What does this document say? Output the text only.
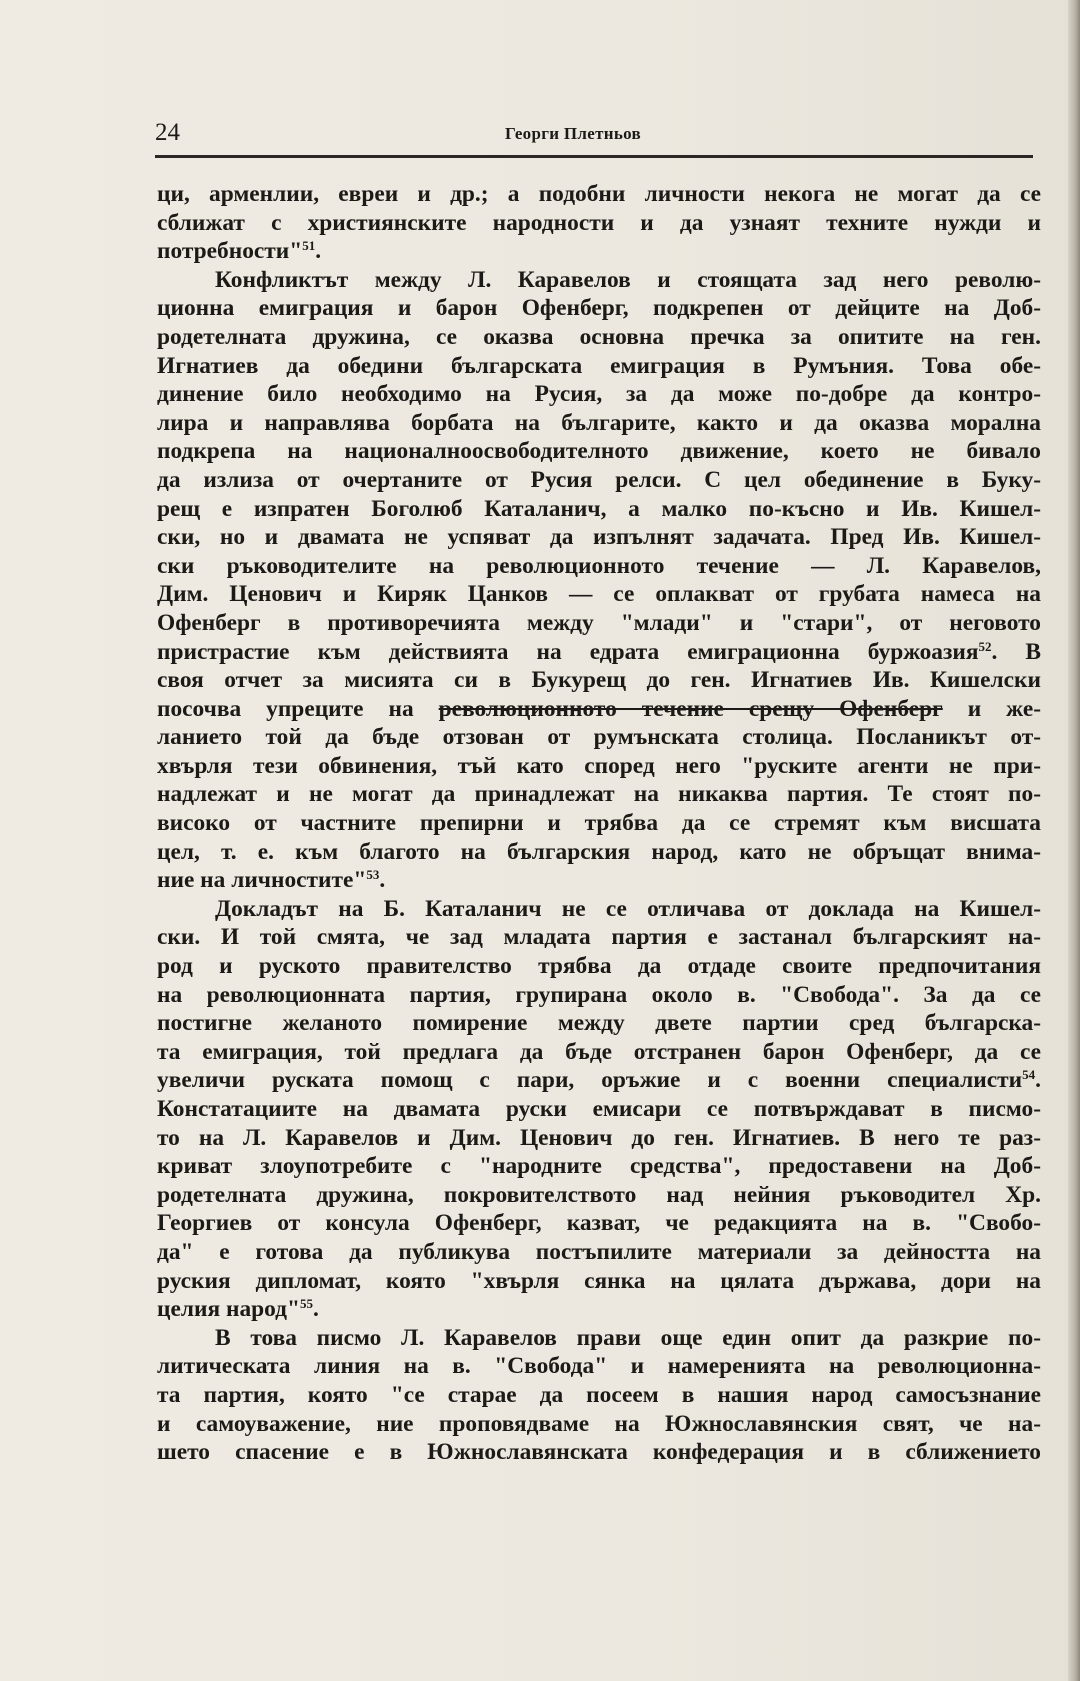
24	Георги Плетньов
ци, арменлии, евреи и др.; а подобни личности некога не могат да се
сближат с християнските народности и да узнаят техните нужди и
потребности"$^{51}$.
Конфликтът между Л. Каравелов и стоящата зад него револю-
ционна емиграция и барон Офенберг, подкрепен от дейците на Доб-
родетелната дружина, се оказва основна пречка за опитите на ген.
Игнатиев да обедини българската емиграция в Румъния. Това обе-
динение било необходимо на Русия, за да може по-добре да контро-
лира и направлява борбата на българите, както и да оказва морална
подкрепа на националноосвободителното движение, което не бивало
да излиза от очертаните от Русия релси. С цел обединение в Буку-
рещ е изпратен Боголюб Каталанич, а малко по-късно и Ив. Кишел-
ски, но и двамата не успяват да изпълнят задачата. Пред Ив. Кишел-
ски ръководителите на революционното течение — Л. Каравелов,
Дим. Ценович и Киряк Цанков — се оплакват от грубата намеса на
Офенберг в противоречията между "млади" и "стари", от неговото
пристрастие към действията на едрата емиграционна буржоазия$^{52}$. В
своя отчет за мисията си в Букурещ до ген. Игнатиев Ив. Кишелски
посочва упреците на революционното течение срещу Офенберг и же-
ланието той да бъде отзован от румънската столица. Посланикът от-
хвърля тези обвинения, тъй като според него "руските агенти не при-
надлежат и не могат да принадлежат на никаква партия. Те стоят по-
високо от частните препирни и трябва да се стремят към висшата
цел, т. е. към благото на българския народ, като не обръщат внима-
ние на личностите"$^{53}$.
Докладът на Б. Каталанич не се отличава от доклада на Кишел-
ски. И той смята, че зад младата партия е застанал българският на-
род и руското правителство трябва да отдаде своите предпочитания
на революционната партия, групирана около в. "Свобода". За да се
постигне желаното помирение между двете партии сред българска-
та емиграция, той предлага да бъде отстранен барон Офенберг, да се
увеличи руската помощ с пари, оръжие и с военни специалисти$^{54}$.
Констатациите на двамата руски емисари се потвърждават в писмо-
то на Л. Каравелов и Дим. Ценович до ген. Игнатиев. В него те раз-
криват злоупотребите с "народните средства", предоставени на Доб-
родетелната дружина, покровителството над нейния ръководител Хр.
Георгиев от консула Офенберг, казват, че редакцията на в. "Свобо-
да" е готова да публикува постъпилите материали за дейността на
руския дипломат, която "хвърля сянка на цялата държава, дори на
целия народ"$^{55}$.
В това писмо Л. Каравелов прави още един опит да разкрие по-
литическата линия на в. "Свобода" и намеренията на революционна-
та партия, която "се старае да посеем в нашия народ самосъзнание
и самоуважение, ние проповядваме на Южнославянския свят, че на-
шето спасение е в Южнославянската конфедерация и в сближението
